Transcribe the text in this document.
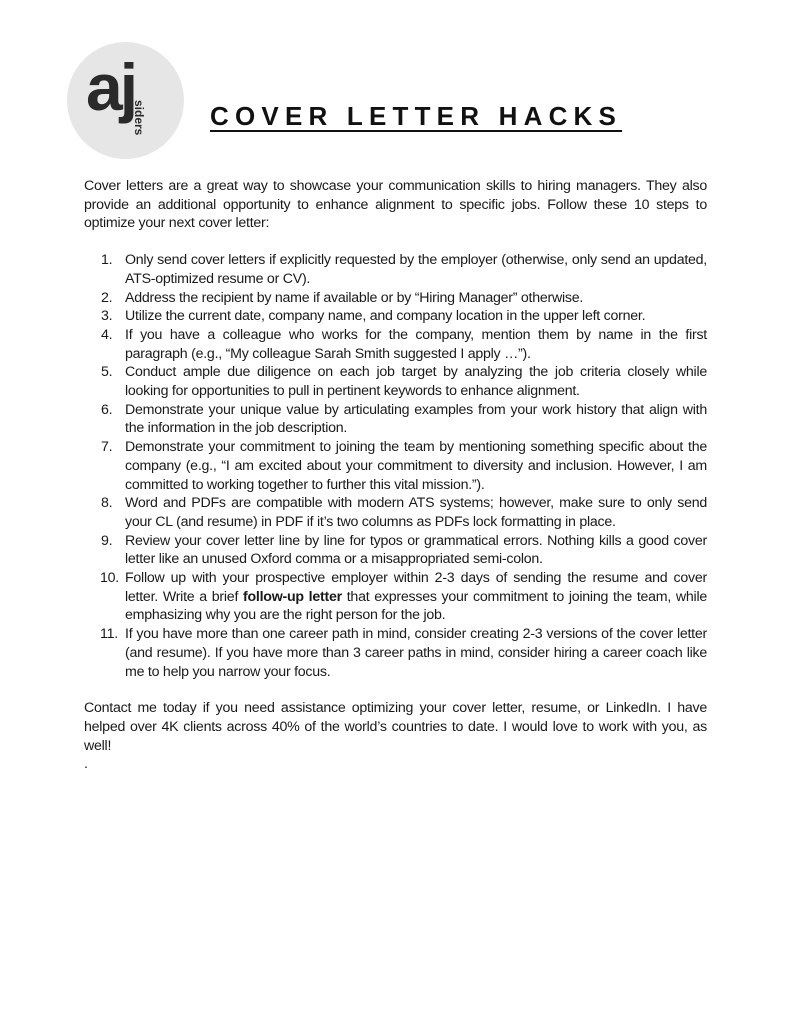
aj
siders COVER LETTER HACKS

Cover letters are a great way to showcase your communication skills to hiring managers. They also provide an additional opportunity to enhance alignment to specific jobs. Follow these 10 steps to optimize your next cover letter:

1. Only send cover letters if explicitly requested by the employer (otherwise, only send an updated, ATS-optimized resume or CV).
2. Address the recipient by name if available or by “Hiring Manager” otherwise.
3. Utilize the current date, company name, and company location in the upper left corner.
4. If you have a colleague who works for the company, mention them by name in the first paragraph (e.g., “My colleague Sarah Smith suggested I apply …”).
5. Conduct ample due diligence on each job target by analyzing the job criteria closely while looking for opportunities to pull in pertinent keywords to enhance alignment.
6. Demonstrate your unique value by articulating examples from your work history that align with the information in the job description.
7. Demonstrate your commitment to joining the team by mentioning something specific about the company (e.g., “I am excited about your commitment to diversity and inclusion. However, I am committed to working together to further this vital mission.”).
8. Word and PDFs are compatible with modern ATS systems; however, make sure to only send your CL (and resume) in PDF if it’s two columns as PDFs lock formatting in place.
9. Review your cover letter line by line for typos or grammatical errors. Nothing kills a good cover letter like an unused Oxford comma or a misappropriated semi-colon.
10. Follow up with your prospective employer within 2-3 days of sending the resume and cover letter. Write a brief follow-up letter that expresses your commitment to joining the team, while emphasizing why you are the right person for the job.
11. If you have more than one career path in mind, consider creating 2-3 versions of the cover letter (and resume). If you have more than 3 career paths in mind, consider hiring a career coach like me to help you narrow your focus.

Contact me today if you need assistance optimizing your cover letter, resume, or LinkedIn. I have helped over 4K clients across 40% of the world’s countries to date. I would love to work with you, as well!

.
